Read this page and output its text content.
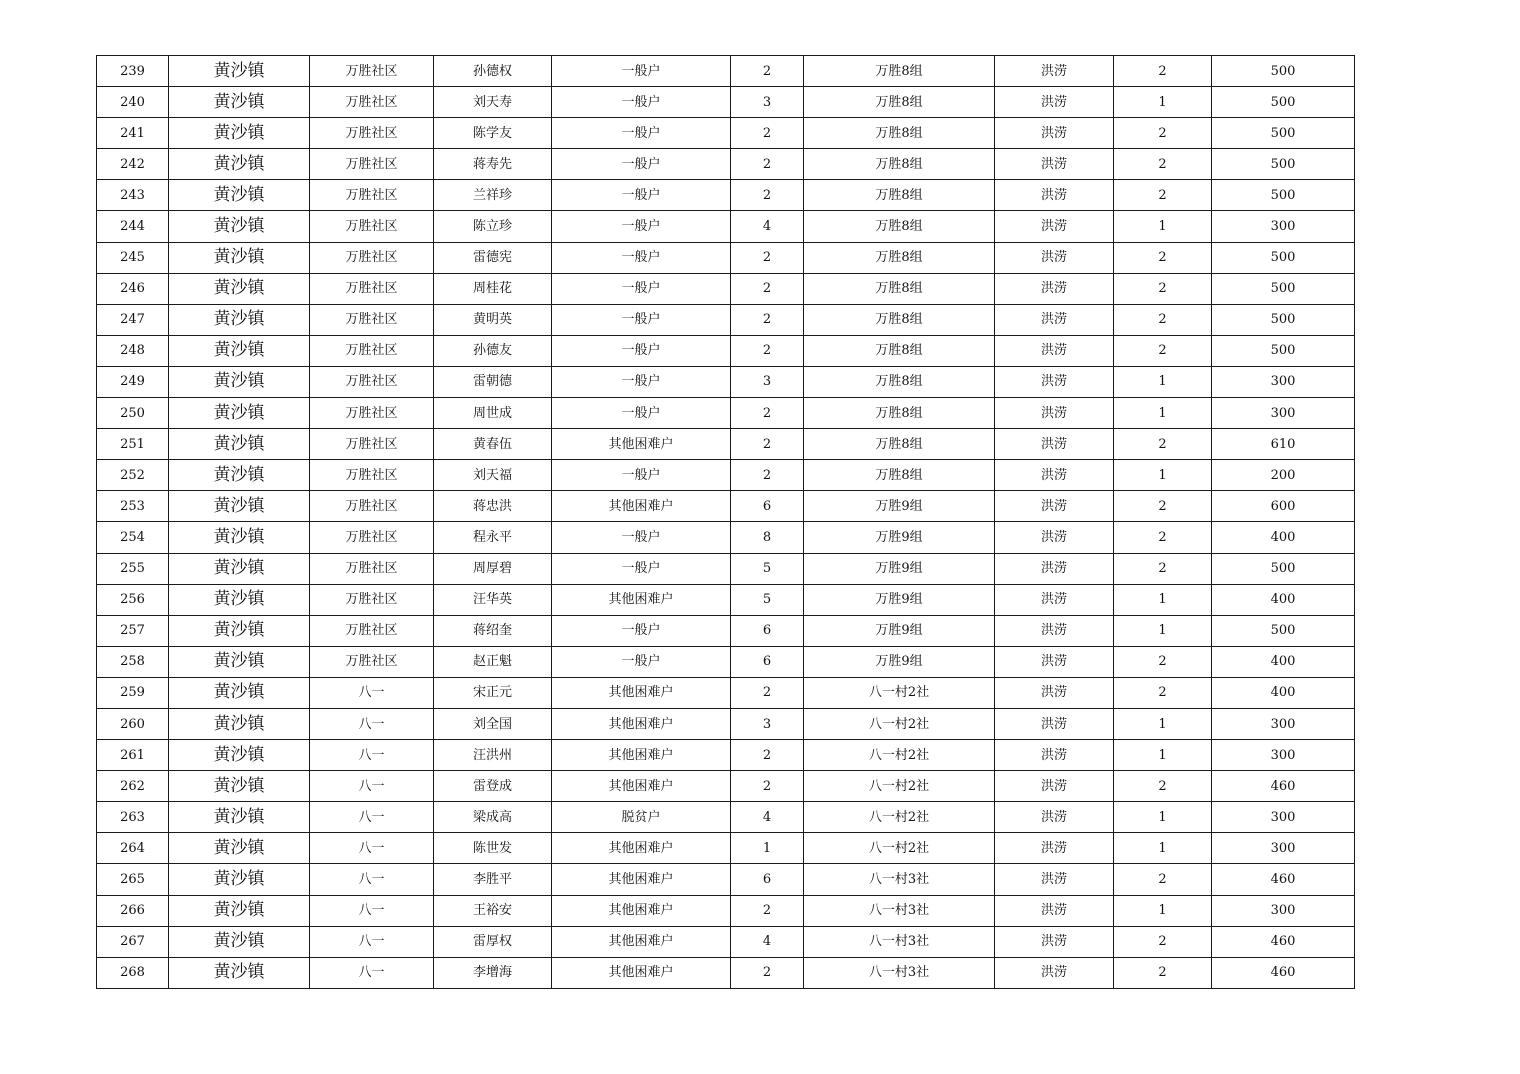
239	黄沙镇	万胜社区	孙德权	一般户	2	万胜8组	洪涝	2	500
240	黄沙镇	万胜社区	刘天寿	一般户	3	万胜8组	洪涝	1	500
241	黄沙镇	万胜社区	陈学友	一般户	2	万胜8组	洪涝	2	500
242	黄沙镇	万胜社区	蒋寿先	一般户	2	万胜8组	洪涝	2	500
243	黄沙镇	万胜社区	兰祥珍	一般户	2	万胜8组	洪涝	2	500
244	黄沙镇	万胜社区	陈立珍	一般户	4	万胜8组	洪涝	1	300
245	黄沙镇	万胜社区	雷德宪	一般户	2	万胜8组	洪涝	2	500
246	黄沙镇	万胜社区	周桂花	一般户	2	万胜8组	洪涝	2	500
247	黄沙镇	万胜社区	黄明英	一般户	2	万胜8组	洪涝	2	500
248	黄沙镇	万胜社区	孙德友	一般户	2	万胜8组	洪涝	2	500
249	黄沙镇	万胜社区	雷朝德	一般户	3	万胜8组	洪涝	1	300
250	黄沙镇	万胜社区	周世成	一般户	2	万胜8组	洪涝	1	300
251	黄沙镇	万胜社区	黄春伍	其他困难户	2	万胜8组	洪涝	2	610
252	黄沙镇	万胜社区	刘天福	一般户	2	万胜8组	洪涝	1	200
253	黄沙镇	万胜社区	蒋忠洪	其他困难户	6	万胜9组	洪涝	2	600
254	黄沙镇	万胜社区	程永平	一般户	8	万胜9组	洪涝	2	400
255	黄沙镇	万胜社区	周厚碧	一般户	5	万胜9组	洪涝	2	500
256	黄沙镇	万胜社区	汪华英	其他困难户	5	万胜9组	洪涝	1	400
257	黄沙镇	万胜社区	蒋绍奎	一般户	6	万胜9组	洪涝	1	500
258	黄沙镇	万胜社区	赵正魁	一般户	6	万胜9组	洪涝	2	400
259	黄沙镇	八一	宋正元	其他困难户	2	八一村2社	洪涝	2	400
260	黄沙镇	八一	刘全国	其他困难户	3	八一村2社	洪涝	1	300
261	黄沙镇	八一	汪洪州	其他困难户	2	八一村2社	洪涝	1	300
262	黄沙镇	八一	雷登成	其他困难户	2	八一村2社	洪涝	2	460
263	黄沙镇	八一	梁成高	脱贫户	4	八一村2社	洪涝	1	300
264	黄沙镇	八一	陈世发	其他困难户	1	八一村2社	洪涝	1	300
265	黄沙镇	八一	李胜平	其他困难户	6	八一村3社	洪涝	2	460
266	黄沙镇	八一	王裕安	其他困难户	2	八一村3社	洪涝	1	300
267	黄沙镇	八一	雷厚权	其他困难户	4	八一村3社	洪涝	2	460
268	黄沙镇	八一	李增海	其他困难户	2	八一村3社	洪涝	2	460
